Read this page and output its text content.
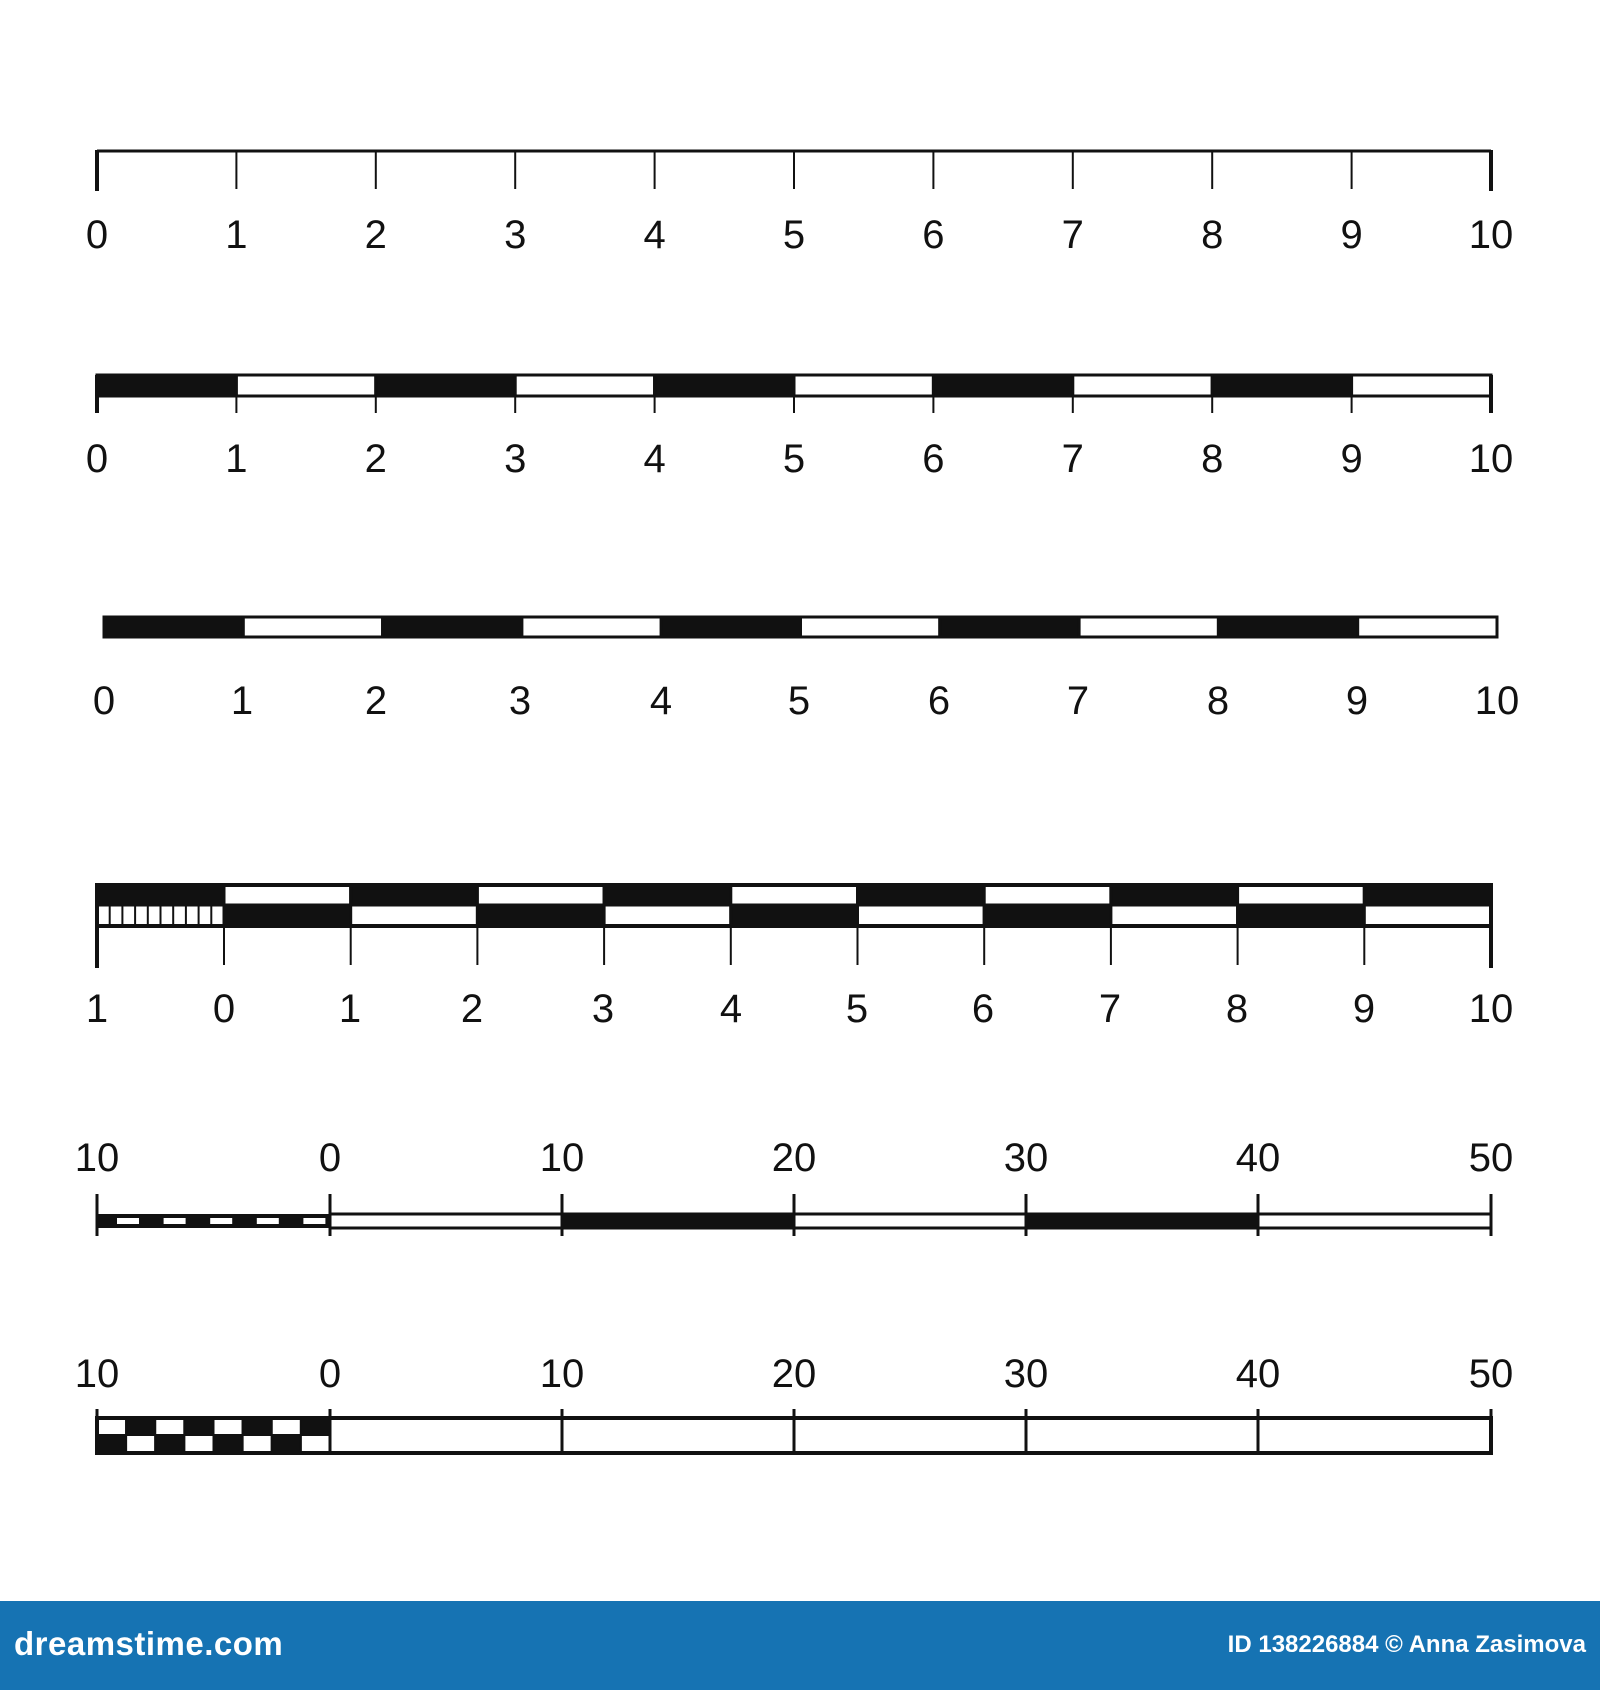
0	1	2	3	4	5	6	7	8	9	10
0	1	2	3	4	5	6	7	8	9	10
0	1	2	3	4	5	6	7	8	9	10
1	0	1 2	3	4	5	6	7	8	9 10
10	0	10	20	30	40	50
10	0	10	20	30	40	50
dreamstime.com	ID 138226884 © Anna Zasimova
